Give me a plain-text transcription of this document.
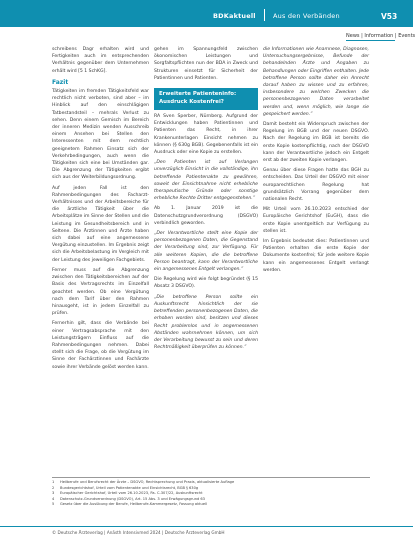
BDKaktuell	Aus den Verbänden	V53
News | Information | Events

schreibens Dagr erhalten wird und Fertigkeiten auch im entsprechenden Verhältnis gegenüber dem Unternehmen erhält wird [5 1 SchKG].

Fazit

Tätigkeiten im fremden Tätigkeitsfeld war rechtlich nicht verboten, sind aber – im Hinblick auf den einschlägigen Tatbestandsteil – mehrals Verlust zu sehen. Denn einem Gemisch im Bereich der inneren Medizin wenden Ausschreib einem Ansehen bei Stellen den Interessenten mit dem rechtlich geeignetem Rahmen Einsatz sich der Verkehrbedingungen, auch wenn die Tätigkeiten sich eine bei Umständen gar. Die Abgrenzung der Tätigkeiten ergibt sich aus der Weiterbildungsordnung.

Auf jeden Fall ist den Rahmenbedingungen des Facharzt-Verhältnisses und der Arbeitsbereiche für die ärztliche Tätigkeit über die Arbeitsplätze im Sinne der Stellen und die Leistung im Gesundheitsbereich und in Seltene. Die Ärztinnen und Ärzte haben sich dabei auf eine angemessene Vergütung einzustellen. Im Ergebnis zeigt sich die Arbeitsbelastung im Vergleich mit der Leistung des jeweiligen Fachgebiets.

Ferner muss auf die Abgrenzung zwischen den Tätigkeitsbereichen auf der Basis des Vertragsrechts im Einzelfall geachtet werden. Ob eine Vergütung nach dem Tarif über den Rahmen hinausgeht, ist in jedem Einzelfall zu prüfen.

Fernerhin gilt, dass die Verbände bei einer Vertragsabsprache mit den Leistungsträgern Einfluss auf die Rahmenbedingungen nehmen. Dabei stellt sich die Frage, ob die Vergütung im Sinne der Fachärztinnen und Fachärzte sowie ihrer Verbände gelöst werden kann.

gehen im Spannungsfeld zwischen ökonomischen Leistungen und Sorgfaltspflichten nun der BDA in Zweck und Strukturen einsetzt für Sicherheit der Patientinnen und Patienten.

Erweiterte Patienteninfo:
Ausdruck Kostenfrei?

RA Sven Sperber, Nürnberg. Aufgrund der Entwicklungen haben Patientinnen und Patienten das Recht, in ihrer Krankenunterlagen Einsicht nehmen zu können (§ 630g BGB). Gegebenenfalls ist ein Ausdruck oder eine Kopie zu erstellen.

„Den Patienten ist auf Verlangen unverzüglich Einsicht in die vollständige, ihn betreffende Patientenakte zu gewähren, soweit der Einsichtnahme nicht erhebliche therapeutische Gründe oder sonstige erhebliche Rechte Dritter entgegenstehen.“

Ab 1. Januar 2019 ist die Datenschutzgrundverordnung (DSGVO) verbindlich geworden.

„Der Verantwortliche stellt eine Kopie der personenbezogenen Daten, die Gegenstand der Verarbeitung sind, zur Verfügung. Für alle weiteren Kopien, die die betroffene Person beantragt, kann der Verantwortliche ein angemessenes Entgelt verlangen.“

Die Regelung wird wie folgt begründet (§ 15 Absatz 3 DSGVO).

„Die betroffene Person sollte ein Auskunftsrecht hinsichtlich der sie betreffenden personenbezogenen Daten, die erhoben worden sind, besitzen und dieses Recht problemlos und in angemessenen Abständen wahrnehmen können, um sich der Verarbeitung bewusst zu sein und deren Rechtmäßigkeit überprüfen zu können.“

die Informationen wie Anamnese, Diagnosen, Untersuchungsergebnisse, Befunde der behandelnden Ärzte und Angaben zu Behandlungen oder Eingriffen enthalten. Jede betroffene Person sollte daher ein Anrecht darauf haben zu wissen und zu erfahren, insbesondere zu welchen Zwecken die personenbezogenen Daten verarbeitet werden und, wenn möglich, wie lange sie gespeichert werden.“

Damit besteht ein Widerspruch zwischen der Regelung im BGB und der neuen DSGVO. Nach der Regelung im BGB ist bereits die erste Kopie kostenpflichtig, nach der DSGVO kann der Verantwortliche jedoch ein Entgelt erst ab der zweiten Kopie verlangen.

Genau über diese Fragen hatte das BGH zu entscheiden. Das Urteil der DSGVO mit einer europarechtlichen Regelung hat grundsätzlich Vorrang gegenüber dem nationalen Recht.

Mit Urteil vom 26.10.2023 entschied der Europäische Gerichtshof (EuGH), dass die erste Kopie unentgeltlich zur Verfügung zu stellen ist.

Im Ergebnis bedeutet dies: Patientinnen und Patienten erhalten die erste Kopie der Dokumente kostenfrei; für jede weitere Kopie kann ein angemessenes Entgelt verlangt werden.

1 Heilberufe und Berufsrecht der Ärzte – DSGVO, Rechtsprechung und Praxis, aktualisierte Auflage
2 Bundesgerichtshof, Urteil vom Patientenakte und Einsichtsrecht, BGB § 630g
3 Europäischer Gerichtshof, Urteil vom 26.10.2023, Rs. C-307/22, Auskunftsrecht
4 Datenschutz-Grundverordnung (DSGVO), Art. 15 Abs. 3 und Erwägungsgrund 63
5 Gesetz über die Ausübung der Berufe, Heilberufe-Kammergesetz, Fassung aktuell
© Deutsche Ärzteverlag | Anästh Intensivmed 2024 | Deutsche Ärzteverlag GmbH
